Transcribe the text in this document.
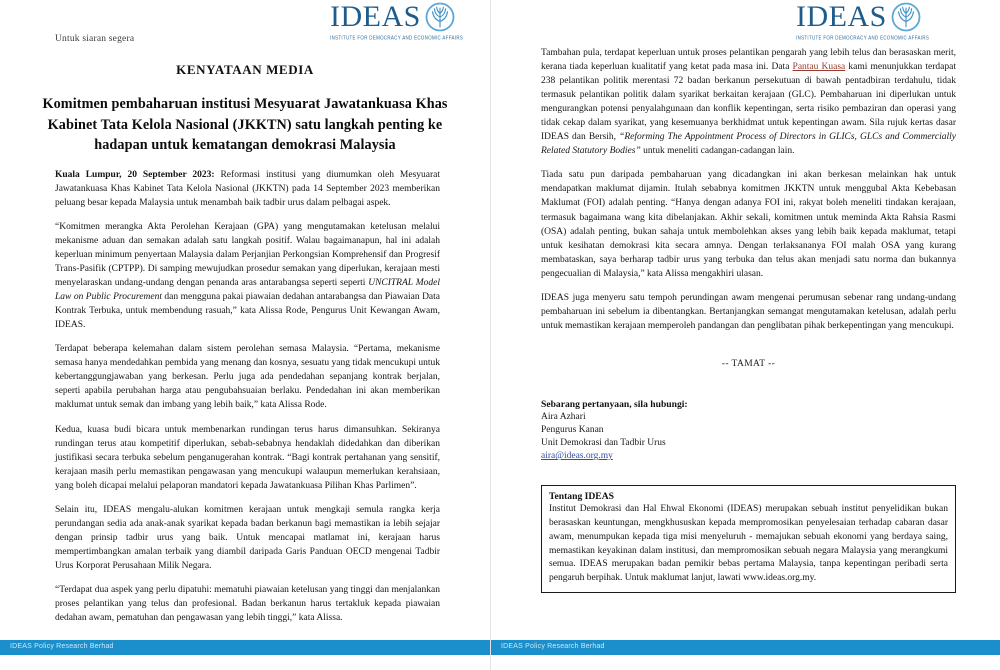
Untuk siaran segera
IDEAS
INSTITUTE FOR DEMOCRACY AND ECONOMIC AFFAIRS
KENYATAAN MEDIA
Komitmen pembaharuan institusi Mesyuarat Jawatankuasa Khas Kabinet Tata Kelola Nasional (JKKTN) satu langkah penting ke hadapan untuk kematangan demokrasi Malaysia

Kuala Lumpur, 20 September 2023: Reformasi institusi yang diumumkan oleh Mesyuarat Jawatankuasa Khas Kabinet Tata Kelola Nasional (JKKTN) pada 14 September 2023 memberikan peluang besar kepada Malaysia untuk menambah baik tadbir urus dalam pelbagai aspek.

“Komitmen merangka Akta Perolehan Kerajaan (GPA) yang mengutamakan ketelusan melalui mekanisme aduan dan semakan adalah satu langkah positif. Walau bagaimanapun, hal ini adalah keperluan minimum penyertaan Malaysia dalam Perjanjian Perkongsian Komprehensif dan Progresif Trans-Pasifik (CPTPP). Di samping mewujudkan prosedur semakan yang diperlukan, kerajaan mesti menyelaraskan undang-undang dengan penanda aras antarabangsa seperti seperti UNCITRAL Model Law on Public Procurement dan mengguna pakai piawaian dedahan antarabangsa dan Piawaian Data Kontrak Terbuka, untuk membendung rasuah,” kata Alissa Rode, Pengurus Unit Kewangan Awam, IDEAS.

Terdapat beberapa kelemahan dalam sistem perolehan semasa Malaysia. “Pertama, mekanisme semasa hanya mendedahkan pembida yang menang dan kosnya, sesuatu yang tidak mencukupi untuk kebertanggungjawaban yang berkesan. Perlu juga ada pendedahan sepanjang kontrak berjalan, seperti apabila perubahan harga atau pengubahsuaian berlaku. Pendedahan ini akan memberikan maklumat untuk semak dan imbang yang lebih baik,” kata Alissa Rode.

Kedua, kuasa budi bicara untuk membenarkan rundingan terus harus dimansuhkan. Sekiranya rundingan terus atau kompetitif diperlukan, sebab-sebabnya hendaklah didedahkan dan diberikan justifikasi secara terbuka sebelum penganugerahan kontrak. “Bagi kontrak pertahanan yang sensitif, kerajaan masih perlu memastikan pengawasan yang mencukupi walaupun memerlukan kerahsiaan, yang boleh dicapai melalui pelaporan mandatori kepada Jawatankuasa Pilihan Khas Parlimen”.

Selain itu, IDEAS mengalu-alukan komitmen kerajaan untuk mengkaji semula rangka kerja perundangan sedia ada anak-anak syarikat kepada badan berkanun bagi memastikan ia lebih sejajar dengan prinsip tadbir urus yang baik. Untuk mencapai matlamat ini, kerajaan harus mempertimbangkan amalan terbaik yang diambil daripada Garis Panduan OECD mengenai Tadbir Urus Korporat Perusahaan Milik Negara.

“Terdapat dua aspek yang perlu dipatuhi: mematuhi piawaian ketelusan yang tinggi dan menjalankan proses pelantikan yang telus dan profesional. Badan berkanun harus tertakluk kepada piawaian dedahan awam, pematuhan dan pengawasan yang lebih tinggi,” kata Alissa.

IDEAS Policy Research Berhad
IDEAS
INSTITUTE FOR DEMOCRACY AND ECONOMIC AFFAIRS

Tambahan pula, terdapat keperluan untuk proses pelantikan pengarah yang lebih telus dan berasaskan merit, kerana tiada keperluan kualitatif yang ketat pada masa ini. Data Pantau Kuasa kami menunjukkan terdapat 238 pelantikan politik merentasi 72 badan berkanun persekutuan di bawah pentadbiran terdahulu, tidak termasuk pelantikan politik dalam syarikat berkaitan kerajaan (GLC). Pembaharuan ini diperlukan untuk mengurangkan potensi penyalahgunaan dan konflik kepentingan, serta risiko pembaziran dan operasi yang tidak cekap dalam syarikat, yang kesemuanya berkhidmat untuk kepentingan awam. Sila rujuk kertas dasar IDEAS dan Bersih, “Reforming The Appointment Process of Directors in GLICs, GLCs and Commercially Related Statutory Bodies” untuk meneliti cadangan-cadangan lain.

Tiada satu pun daripada pembaharuan yang dicadangkan ini akan berkesan melainkan hak untuk mendapatkan maklumat dijamin. Itulah sebabnya komitmen JKKTN untuk menggubal Akta Kebebasan Maklumat (FOI) adalah penting. “Hanya dengan adanya FOI ini, rakyat boleh meneliti tindakan kerajaan, termasuk bagaimana wang kita dibelanjakan. Akhir sekali, komitmen untuk meminda Akta Rahsia Rasmi (OSA) adalah penting, bukan sahaja untuk membolehkan akses yang lebih baik kepada maklumat, tetapi untuk kesihatan demokrasi kita secara amnya. Dengan terlaksananya FOI malah OSA yang kurang membataskan, saya berharap tadbir urus yang terbuka dan telus akan menjadi satu norma dan bukannya pengecualian di Malaysia,” kata Alissa mengakhiri ulasan.

IDEAS juga menyeru satu tempoh perundingan awam mengenai perumusan sebenar rang undang-undang pembaharuan ini sebelum ia dibentangkan. Bertanjangkan semangat mengutamakan ketelusan, adalah perlu untuk memastikan kerajaan memperoleh pandangan dan penglibatan pihak berkepentingan yang mencukupi.

-- TAMAT --

Sebarang pertanyaan, sila hubungi:

Aira Azhari

Pengurus Kanan

Unit Demokrasi dan Tadbir Urus

aira@ideas.org.my

Tentang IDEAS

Institut Demokrasi dan Hal Ehwal Ekonomi (IDEAS) merupakan sebuah institut penyelidikan bukan berasaskan keuntungan, mengkhususkan kepada mempromosikan penyelesaian terhadap cabaran dasar awam, menumpukan kepada tiga misi menyeluruh - memajukan sebuah ekonomi yang berdaya saing, memastikan keyakinan dalam institusi, dan mempromosikan sebuah negara Malaysia yang merangkumi semua. IDEAS merupakan badan pemikir bebas pertama Malaysia, tanpa kepentingan peribadi serta pengaruh berpihak. Untuk maklumat lanjut, lawati www.ideas.org.my.

IDEAS Policy Research Berhad
